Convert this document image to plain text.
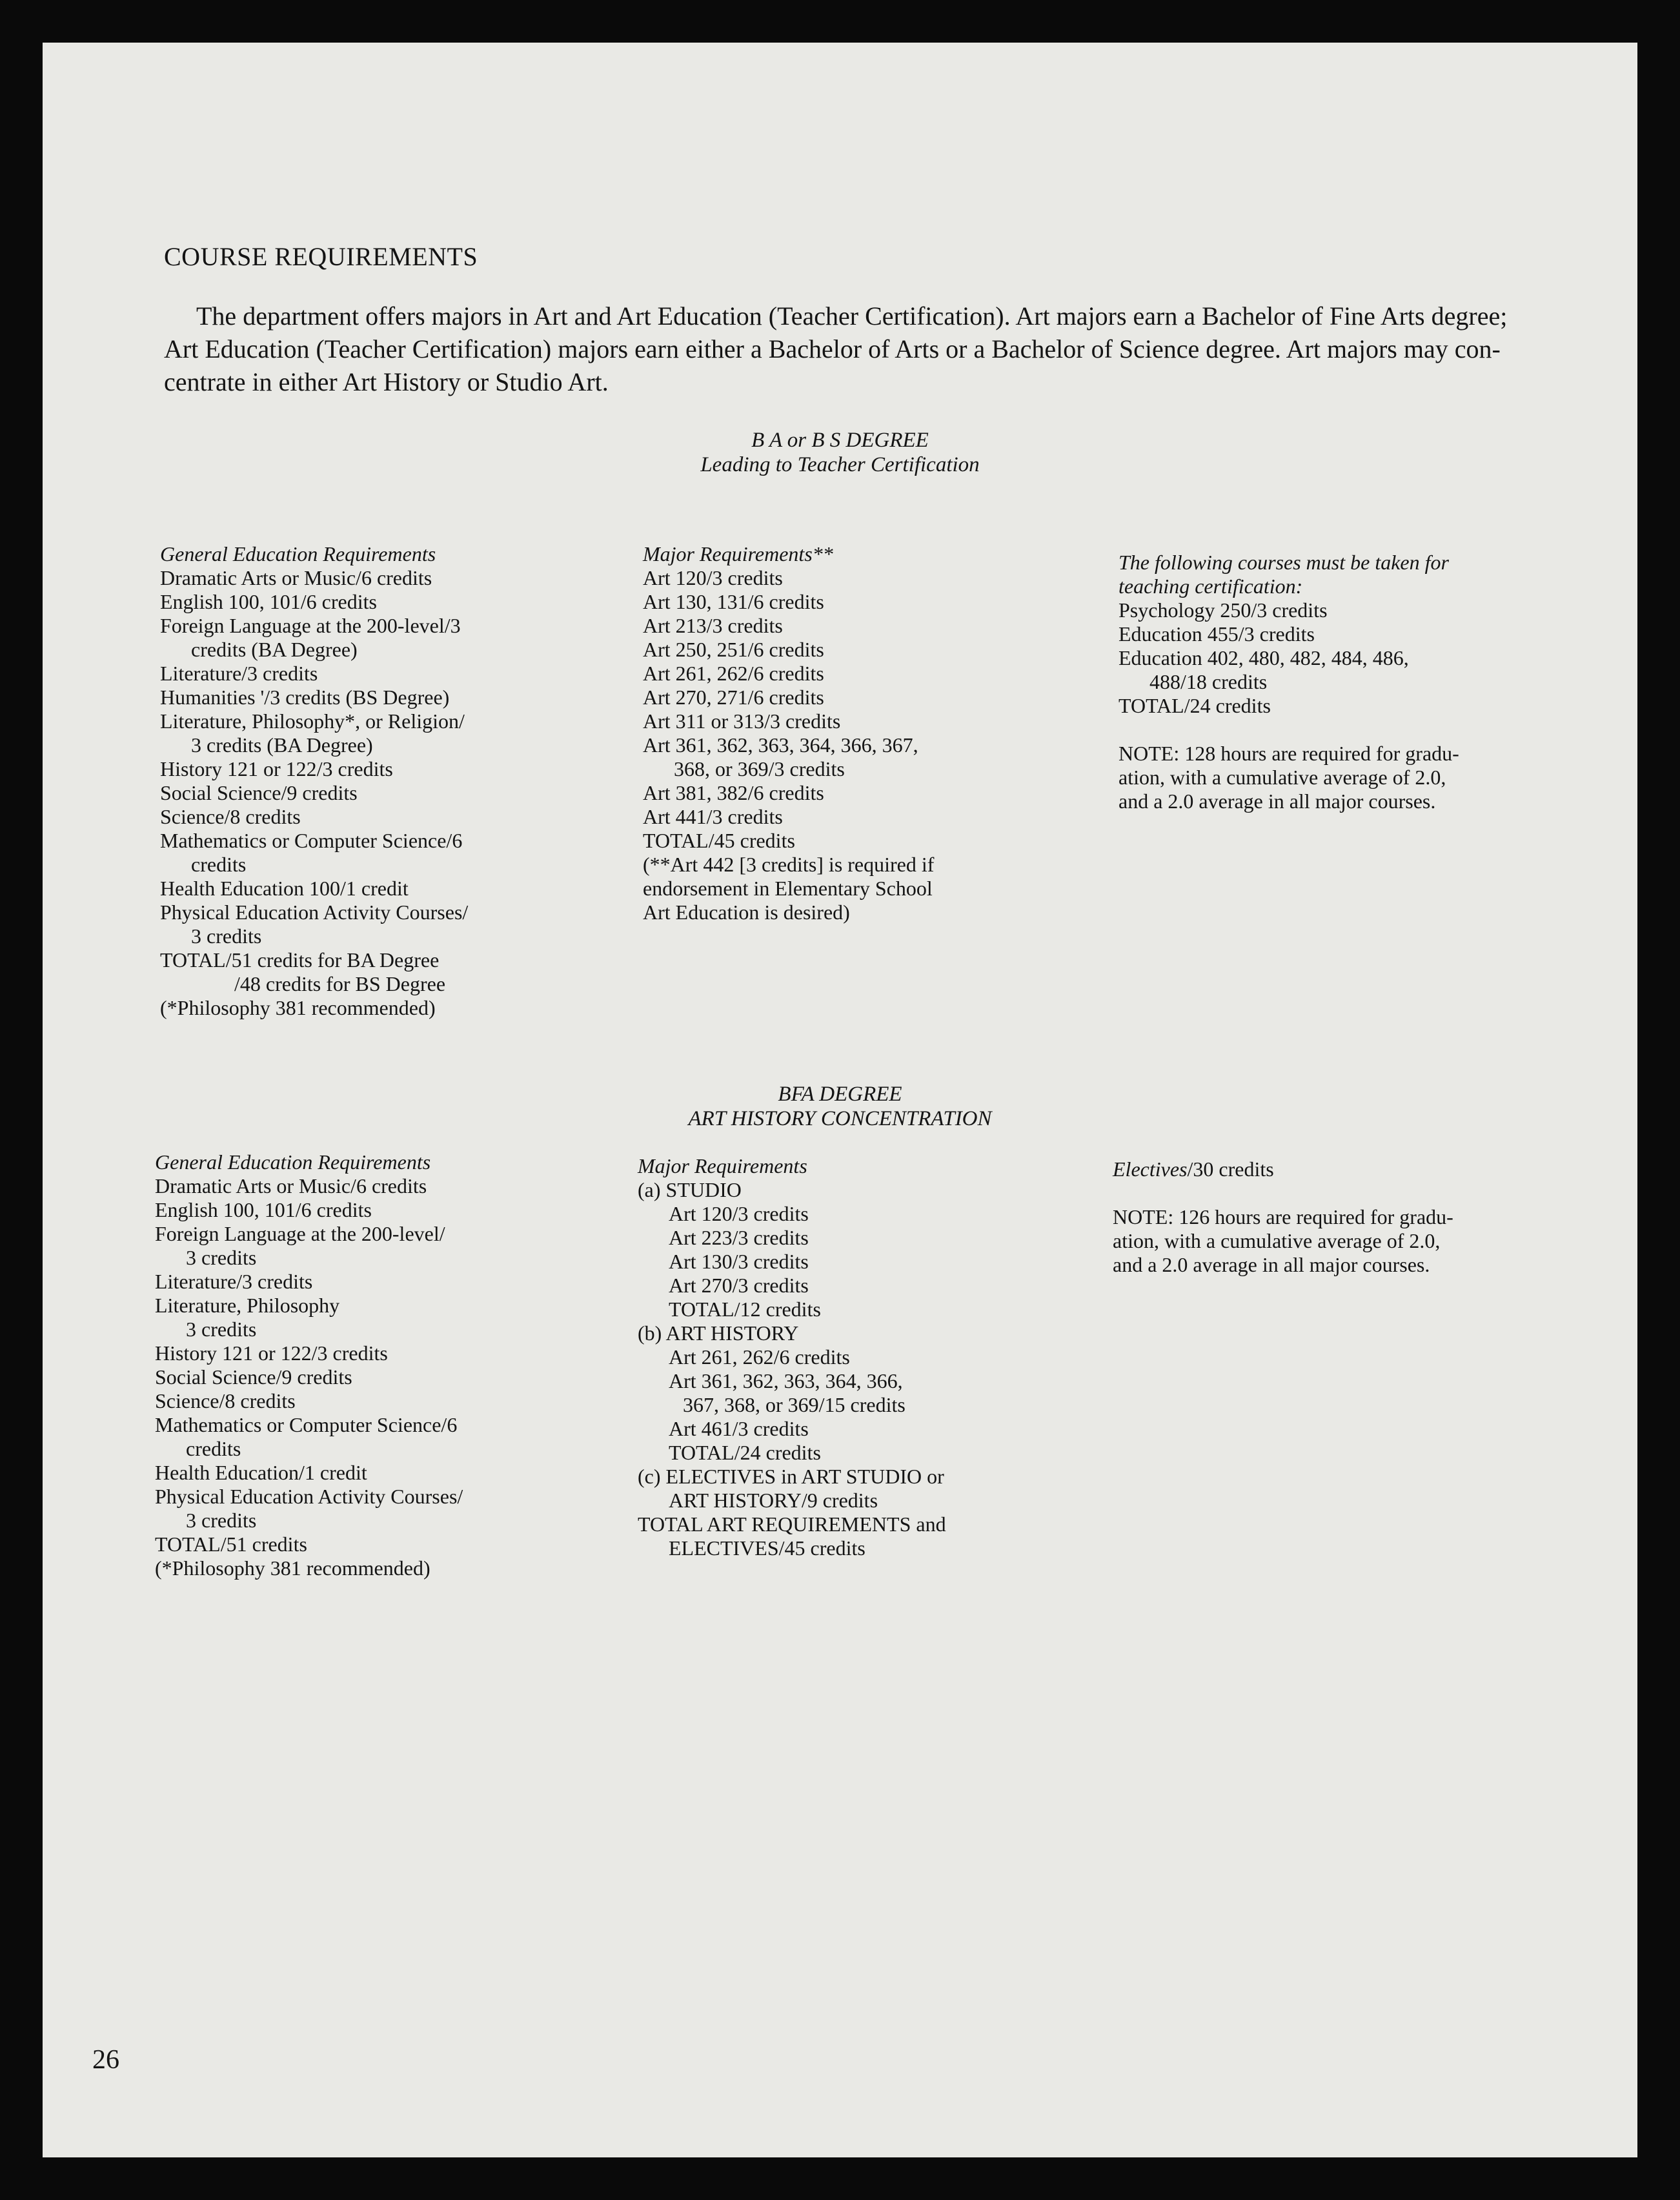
COURSE REQUIREMENTS
The department offers majors in Art and Art Education (Teacher Certification). Art majors earn a Bachelor of Fine Arts degree;
Art Education (Teacher Certification) majors earn either a Bachelor of Arts or a Bachelor of Science degree. Art majors may con-
centrate in either Art History or Studio Art.
B A or B S DEGREE
Leading to Teacher Certification
General Education Requirements
Dramatic Arts or Music/6 credits
English 100, 101/6 credits
Foreign Language at the 200-level/3
credits (BA Degree)
Literature/3 credits
Humanities '/3 credits (BS Degree)
Literature, Philosophy*, or Religion/
3 credits (BA Degree)
History 121 or 122/3 credits
Social Science/9 credits
Science/8 credits
Mathematics or Computer Science/6
credits
Health Education 100/1 credit
Physical Education Activity Courses/
3 credits
TOTAL/51 credits for BA Degree
/48 credits for BS Degree
(*Philosophy 381 recommended)
Major Requirements**
Art 120/3 credits
Art 130, 131/6 credits
Art 213/3 credits
Art 250, 251/6 credits
Art 261, 262/6 credits
Art 270, 271/6 credits
Art 311 or 313/3 credits
Art 361, 362, 363, 364, 366, 367,
368, or 369/3 credits
Art 381, 382/6 credits
Art 441/3 credits
TOTAL/45 credits
(**Art 442 [3 credits] is required if
endorsement in Elementary School
Art Education is desired)
The following courses must be taken for
teaching certification:
Psychology 250/3 credits
Education 455/3 credits
Education 402, 480, 482, 484, 486,
488/18 credits
TOTAL/24 credits
NOTE: 128 hours are required for gradu-
ation, with a cumulative average of 2.0,
and a 2.0 average in all major courses.
BFA DEGREE
ART HISTORY CONCENTRATION
General Education Requirements
Dramatic Arts or Music/6 credits
English 100, 101/6 credits
Foreign Language at the 200-level/
3 credits
Literature/3 credits
Literature, Philosophy
3 credits
History 121 or 122/3 credits
Social Science/9 credits
Science/8 credits
Mathematics or Computer Science/6
credits
Health Education/1 credit
Physical Education Activity Courses/
3 credits
TOTAL/51 credits
(*Philosophy 381 recommended)
Major Requirements
(a) STUDIO
Art 120/3 credits
Art 223/3 credits
Art 130/3 credits
Art 270/3 credits
TOTAL/12 credits
(b) ART HISTORY
Art 261, 262/6 credits
Art 361, 362, 363, 364, 366,
367, 368, or 369/15 credits
Art 461/3 credits
TOTAL/24 credits
(c) ELECTIVES in ART STUDIO or
ART HISTORY/9 credits
TOTAL ART REQUIREMENTS and
ELECTIVES/45 credits
Electives/30 credits
NOTE: 126 hours are required for gradu-
ation, with a cumulative average of 2.0,
and a 2.0 average in all major courses.
26
